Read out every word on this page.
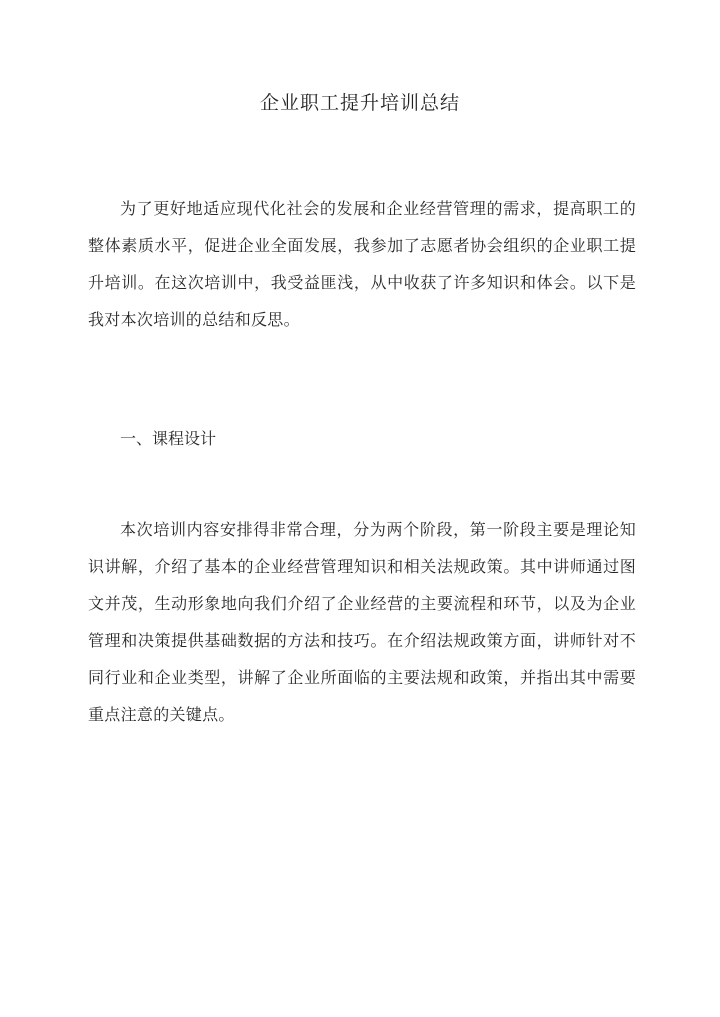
企业职工提升培训总结

为了更好地适应现代化社会的发展和企业经营管理的需求，提高职工的整体素质水平，促进企业全面发展，我参加了志愿者协会组织的企业职工提升培训。在这次培训中，我受益匪浅，从中收获了许多知识和体会。以下是我对本次培训的总结和反思。

一、课程设计

本次培训内容安排得非常合理，分为两个阶段，第一阶段主要是理论知识讲解，介绍了基本的企业经营管理知识和相关法规政策。其中讲师通过图文并茂，生动形象地向我们介绍了企业经营的主要流程和环节，以及为企业管理和决策提供基础数据的方法和技巧。在介绍法规政策方面，讲师针对不同行业和企业类型，讲解了企业所面临的主要法规和政策，并指出其中需要重点注意的关键点。
